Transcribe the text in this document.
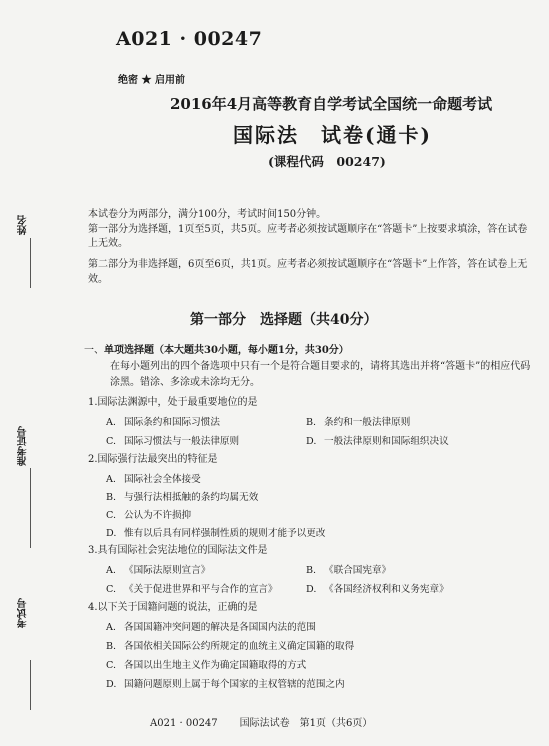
A021 · 00247
绝密 ★ 启用前
2016年4月高等教育自学考试全国统一命题考试
国际法　试卷(通卡)
(课程代码　00247)
姓名
准考证号
考试号
本试卷分为两部分，满分100分，考试时间150分钟。
第一部分为选择题，1页至5页，共5页。应考者必须按试题顺序在“答题卡”上按要求填涂，答在试卷上无效。
第二部分为非选择题，6页至6页，共1页。应考者必须按试题顺序在“答题卡”上作答，答在试卷上无效。
第一部分　选择题（共40分）
一、单项选择题（本大题共30小题，每小题1分，共30分）
在每小题列出的四个备选项中只有一个是符合题目要求的，请将其选出并将“答题卡”的相应代码涂黑。错涂、多涂或未涂均无分。
1.国际法渊源中，处于最重要地位的是
A. 国际条约和国际习惯法	B. 条约和一般法律原则
C. 国际习惯法与一般法律原则	D. 一般法律原则和国际组织决议
2.国际强行法最突出的特征是
A. 国际社会全体接受
B. 与强行法相抵触的条约均属无效
C. 公认为不许损抑
D. 惟有以后具有同样强制性质的规则才能予以更改
3.具有国际社会宪法地位的国际法文件是
A. 《国际法原则宣言》	B. 《联合国宪章》
C. 《关于促进世界和平与合作的宣言》	D. 《各国经济权利和义务宪章》
4.以下关于国籍问题的说法，正确的是
A. 各国国籍冲突问题的解决是各国国内法的范围
B. 各国依相关国际公约所规定的血统主义确定国籍的取得
C. 各国以出生地主义作为确定国籍取得的方式
D. 国籍问题原则上属于每个国家的主权管辖的范围之内
A021 · 00247 国际法试卷　第1页（共6页）
